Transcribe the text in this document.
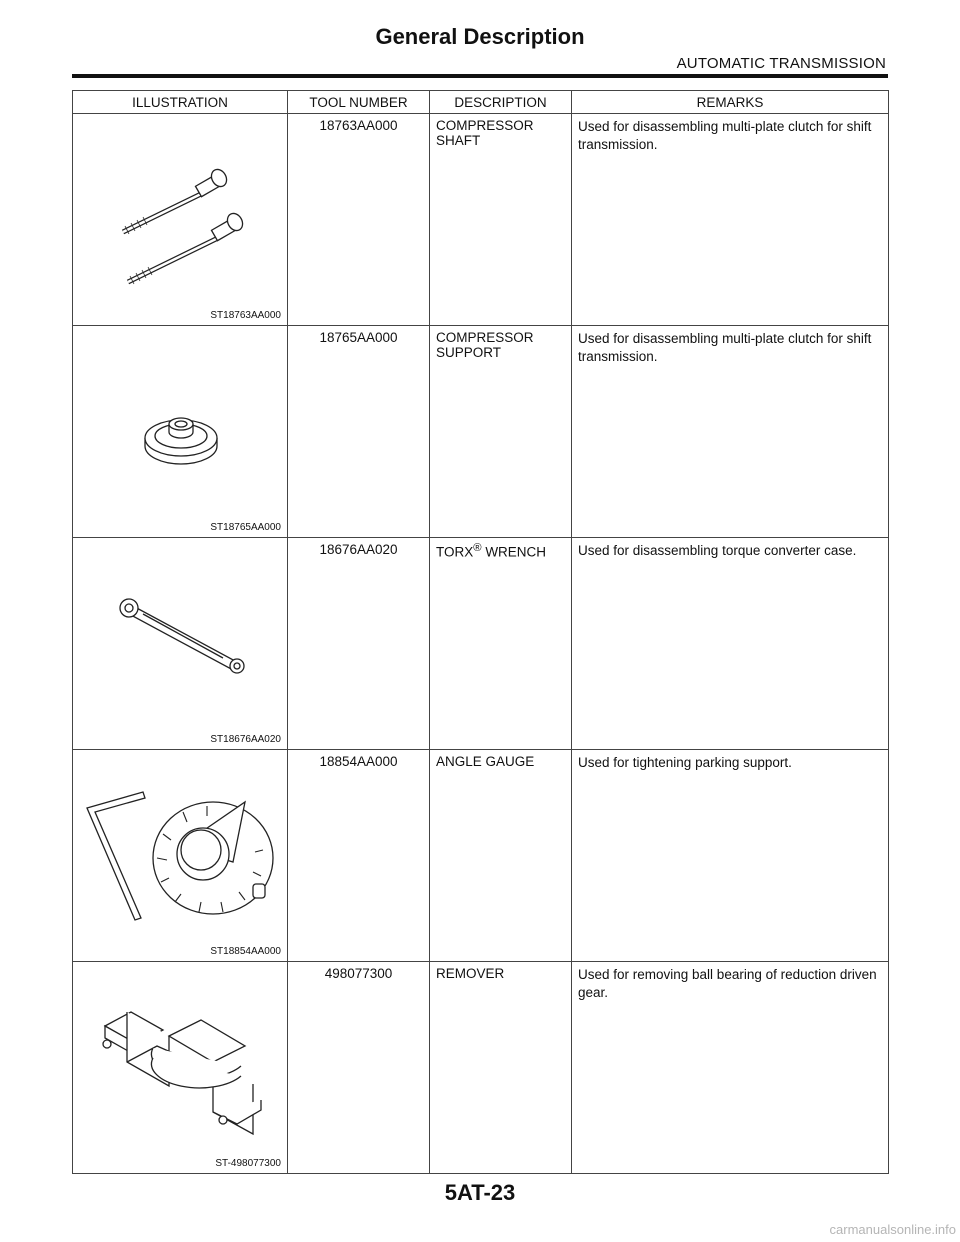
General Description
AUTOMATIC TRANSMISSION
ILLUSTRATION	TOOL NUMBER	DESCRIPTION	REMARKS

ST18763AA000	18763AA000	COMPRESSOR SHAFT	Used for disassembling multi-plate clutch for shift transmission.

ST18765AA000	18765AA000	COMPRESSOR SUPPORT	Used for disassembling multi-plate clutch for shift transmission.

ST18676AA020	18676AA020	TORX® WRENCH	Used for disassembling torque converter case.

ST18854AA000	18854AA000	ANGLE GAUGE	Used for tightening parking support.

ST-498077300	498077300	REMOVER	Used for removing ball bearing of reduction driven gear.
5AT-23
carmanualsonline.info
